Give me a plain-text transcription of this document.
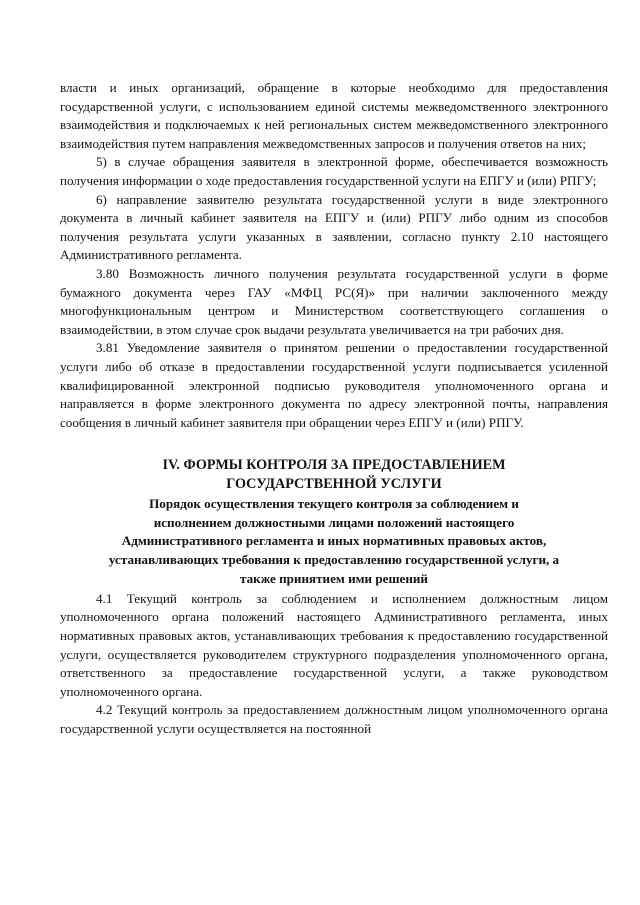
власти и иных организаций, обращение в которые необходимо для предоставления государственной услуги, с использованием единой системы межведомственного электронного взаимодействия и подключаемых к ней региональных систем межведомственного электронного взаимодействия путем направления межведомственных запросов и получения ответов на них;

5) в случае обращения заявителя в электронной форме, обеспечивается возможность получения информации о ходе предоставления государственной услуги на ЕПГУ и (или) РПГУ;

6) направление заявителю результата государственной услуги в виде электронного документа в личный кабинет заявителя на ЕПГУ и (или) РПГУ либо одним из способов получения результата услуги указанных в заявлении, согласно пункту 2.10 настоящего Административного регламента.

3.80 Возможность личного получения результата государственной услуги в форме бумажного документа через ГАУ «МФЦ РС(Я)» при наличии заключенного между многофункциональным центром и Министерством соответствующего соглашения о взаимодействии, в этом случае срок выдачи результата увеличивается на три рабочих дня.

3.81 Уведомление заявителя о принятом решении о предоставлении государственной услуги либо об отказе в предоставлении государственной услуги подписывается усиленной квалифицированной электронной подписью руководителя уполномоченного органа и направляется в форме электронного документа по адресу электронной почты, направления сообщения в личный кабинет заявителя при обращении через ЕПГУ и (или) РПГУ.

IV. ФОРМЫ КОНТРОЛЯ ЗА ПРЕДОСТАВЛЕНИЕМ
ГОСУДАРСТВЕННОЙ УСЛУГИ
Порядок осуществления текущего контроля за соблюдением и
исполнением должностными лицами положений настоящего
Административного регламента и иных нормативных правовых актов,
устанавливающих требования к предоставлению государственной услуги, а
также принятием ими решений

4.1 Текущий контроль за соблюдением и исполнением должностным лицом уполномоченного органа положений настоящего Административного регламента, иных нормативных правовых актов, устанавливающих требования к предоставлению государственной услуги, осуществляется руководителем структурного подразделения уполномоченного органа, ответственного за предоставление государственной услуги, а также руководством уполномоченного органа.

4.2 Текущий контроль за предоставлением должностным лицом уполномоченного органа государственной услуги осуществляется на постоянной
